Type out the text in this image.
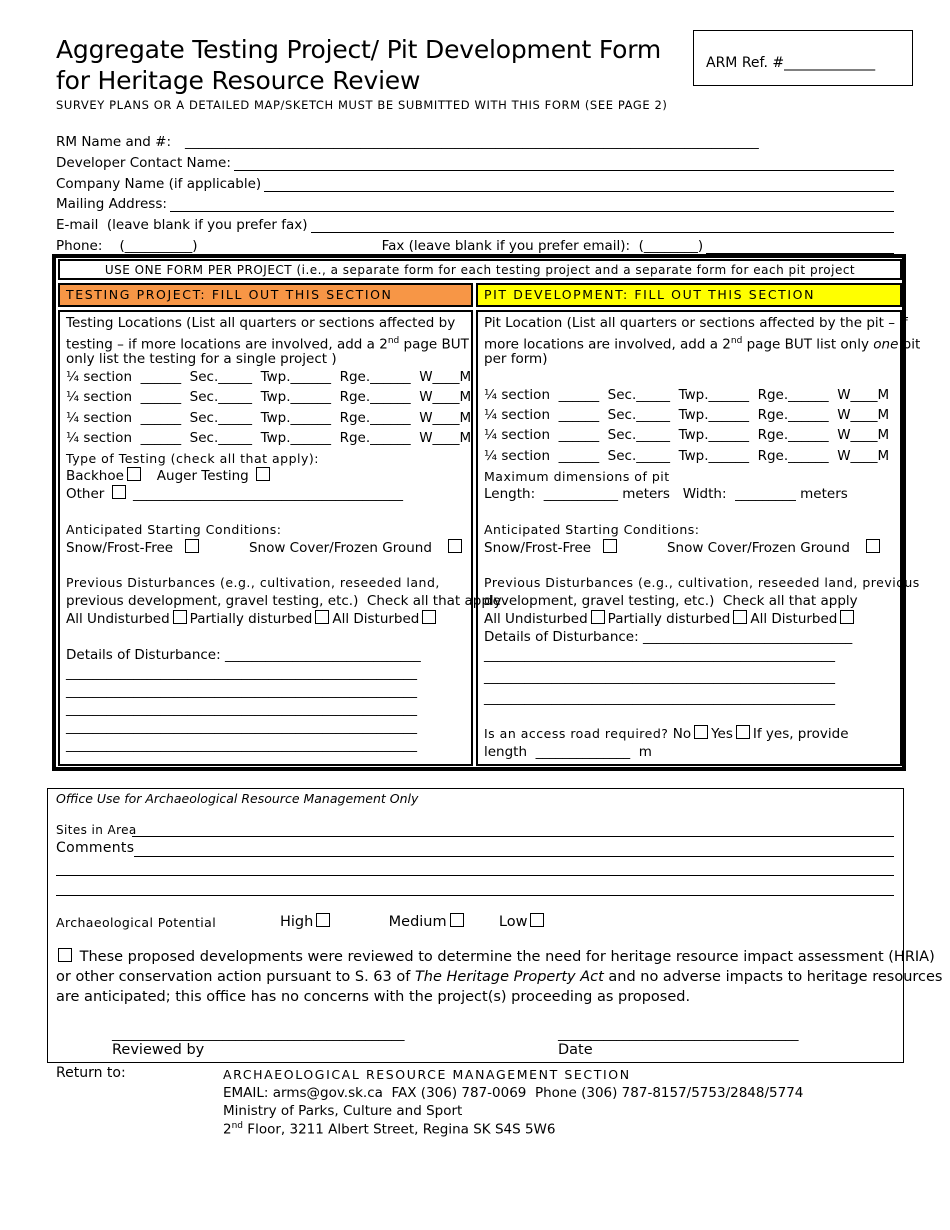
Aggregate Testing Project/ Pit Development Form
for Heritage Resource Review
SURVEY PLANS OR A DETAILED MAP/SKETCH MUST BE SUBMITTED WITH THIS FORM (SEE PAGE 2)
ARM Ref. #_____________
RM Name and #: _____________________________________________________________________________________
Developer Contact Name:
Company Name (if applicable)
Mailing Address:
E-mail  (leave blank if you prefer fax)
Phone:    (__________)	Fax (leave blank if you prefer email):  (________)
USE ONE FORM PER PROJECT (i.e., a separate form for each testing project and a separate form for each pit project
TESTING PROJECT: FILL OUT THIS SECTION	PIT DEVELOPMENT: FILL OUT THIS SECTION
Testing Locations (List all quarters or sections affected by
testing – if more locations are involved, add a 2nd page BUT
only list the testing for a single project )
¼ section  ______  Sec._____  Twp.______  Rge.______  W____M
¼ section  ______  Sec._____  Twp.______  Rge.______  W____M
¼ section  ______  Sec._____  Twp.______  Rge.______  W____M
¼ section  ______  Sec._____  Twp.______  Rge.______  W____M
Type of Testing (check all that apply):
Backhoe Auger Testing
Other ________________________________________
Anticipated Starting Conditions:
Snow/Frost-Free	Snow Cover/Frozen Ground
Previous Disturbances (e.g., cultivation, reseeded land,
previous development, gravel testing, etc.)  Check all that apply
All Undisturbed Partially disturbed All Disturbed
Details of Disturbance: _____________________________
____________________________________________________
____________________________________________________
____________________________________________________
____________________________________________________
____________________________________________________
Pit Location (List all quarters or sections affected by the pit – if
more locations are involved, add a 2nd page BUT list only one pit
per form)
¼ section  ______  Sec._____  Twp.______  Rge.______  W____M
¼ section  ______  Sec._____  Twp.______  Rge.______  W____M
¼ section  ______  Sec._____  Twp.______  Rge.______  W____M
¼ section  ______  Sec._____  Twp.______  Rge.______  W____M
Maximum dimensions of pit
Length:  ___________ meters   Width:  _________ meters
Anticipated Starting Conditions:
Snow/Frost-Free	Snow Cover/Frozen Ground
Previous Disturbances (e.g., cultivation, reseeded land, previous
development, gravel testing, etc.)  Check all that apply
All Undisturbed Partially disturbed All Disturbed
Details of Disturbance: _______________________________
____________________________________________________
____________________________________________________
____________________________________________________
Is an access road required? No Yes If yes, provide
length  ______________  m
Office Use for Archaeological Resource Management Only
Sites in Area
Comments
Archaeological Potential	High	Medium	Low
These proposed developments were reviewed to determine the need for heritage resource impact assessment (HRIA)
or other conservation action pursuant to S. 63 of The Heritage Property Act and no adverse impacts to heritage resources
are anticipated; this office has no concerns with the project(s) proceeding as proposed.
_____________________________________________	_____________________________________
Reviewed by	Date
Return to:	ARCHAEOLOGICAL RESOURCE MANAGEMENT SECTION
EMAIL: arms@gov.sk.ca  FAX (306) 787-0069  Phone (306) 787-8157/5753/2848/5774
Ministry of Parks, Culture and Sport
2nd Floor, 3211 Albert Street, Regina SK S4S 5W6
